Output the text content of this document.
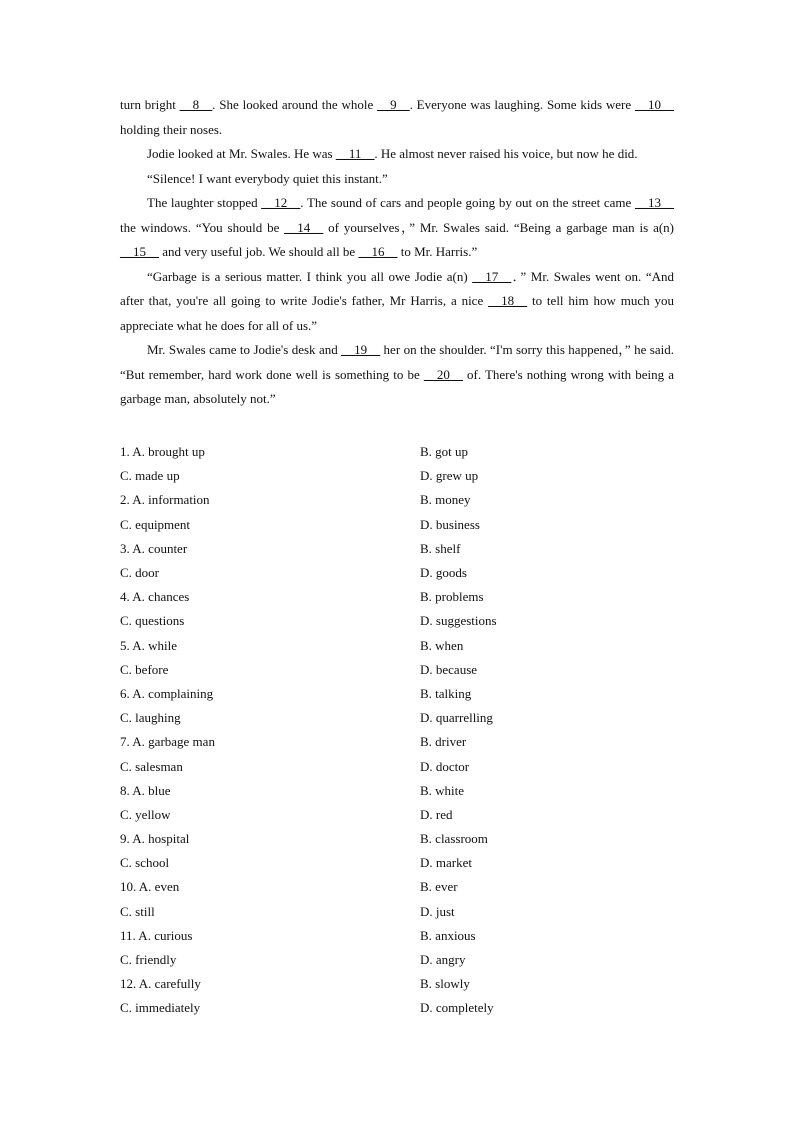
turn bright __8__. She looked around the whole __9__. Everyone was laughing. Some kids were __10__ holding their noses.

Jodie looked at Mr. Swales. He was __11__. He almost never raised his voice, but now he did.

“Silence! I want everybody quiet this instant.”

The laughter stopped __12__. The sound of cars and people going by out on the street came __13__ the windows. “You should be __14__ of yourselves，” Mr. Swales said. “Being a garbage man is a(n) __15__ and very useful job. We should all be __16__ to Mr. Harris.”

“Garbage is a serious matter. I think you all owe Jodie a(n) __17__．” Mr. Swales went on. “And after that, you're all going to write Jodie's father, Mr Harris, a nice __18__ to tell him how much you appreciate what he does for all of us.”

Mr. Swales came to Jodie's desk and __19__ her on the shoulder. “I'm sorry this happened，” he said. “But remember, hard work done well is something to be __20__ of. There's nothing wrong with being a garbage man, absolutely not.”

1. A. brought up	B. got up
C. made up	D. grew up
2. A. information	B. money
C. equipment	D. business
3. A. counter	B. shelf
C. door	D. goods
4. A. chances	B. problems
C. questions	D. suggestions
5. A. while	B. when
C. before	D. because
6. A. complaining	B. talking
C. laughing	D. quarrelling
7. A. garbage man	B. driver
C. salesman	D. doctor
8. A. blue	B. white
C. yellow	D. red
9. A. hospital	B. classroom
C. school	D. market
10. A. even	B. ever
C. still	D. just
11. A. curious	B. anxious
C. friendly	D. angry
12. A. carefully	B. slowly
C. immediately	D. completely
